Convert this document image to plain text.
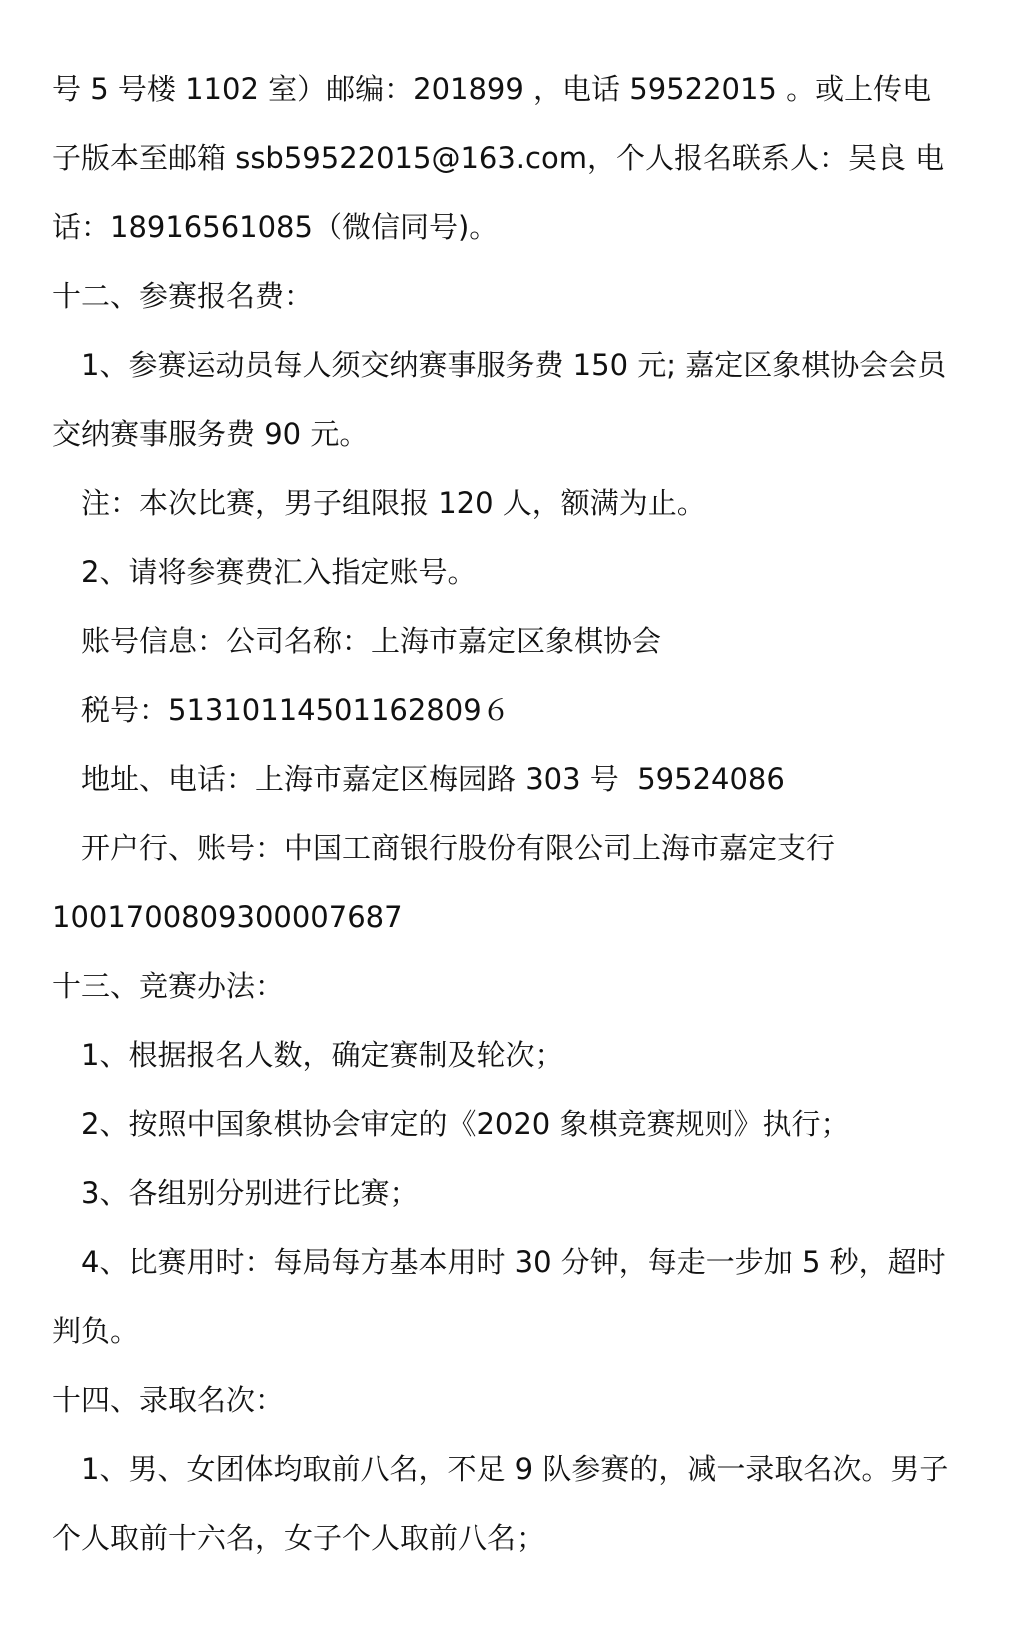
号 5 号楼 1102 室）邮编：201899 ，电话 59522015 。或上传电
子版本至邮箱 ssb59522015@163.com，个人报名联系人：吴良 电
话：18916561085（微信同号)。
十二、参赛报名费：
1、参赛运动员每人须交纳赛事服务费 150 元; 嘉定区象棋协会会员
交纳赛事服务费 90 元。
注：本次比赛，男子组限报 120 人，额满为止。
2、请将参赛费汇入指定账号。
账号信息：公司名称：上海市嘉定区象棋协会
税号：51310114501162809６
地址、电话：上海市嘉定区梅园路 303 号  59524086
开户行、账号：中国工商银行股份有限公司上海市嘉定支行
1001700809300007687
十三、竞赛办法：
1、根据报名人数，确定赛制及轮次；
2、按照中国象棋协会审定的《2020 象棋竞赛规则》执行；
3、各组别分别进行比赛；
4、比赛用时：每局每方基本用时 30 分钟，每走一步加 5 秒，超时
判负。
十四、录取名次：
1、男、女团体均取前八名，不足 9 队参赛的，减一录取名次。男子
个人取前十六名，女子个人取前八名；
